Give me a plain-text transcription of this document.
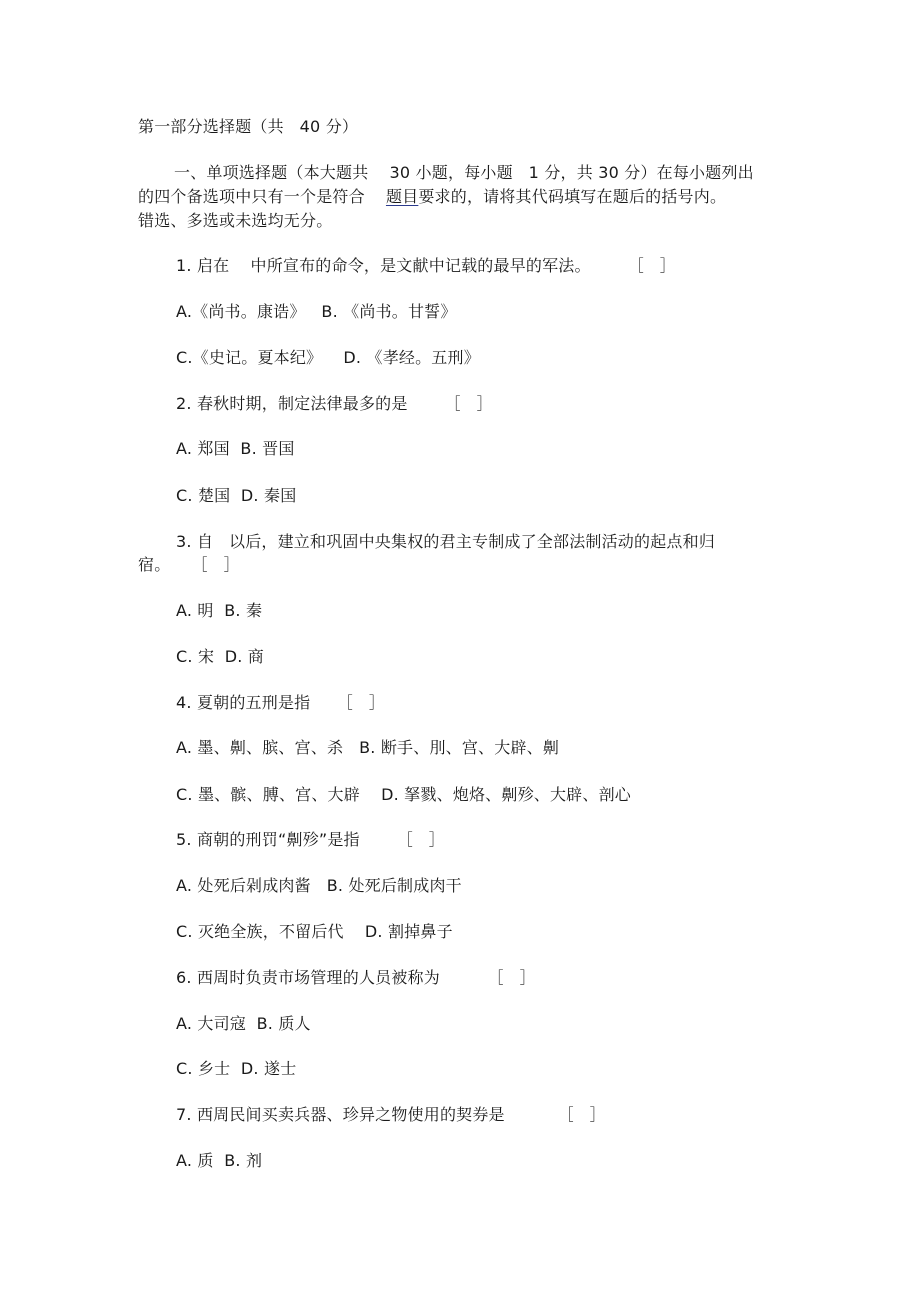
第一部分选择题（共   40 分）
一、单项选择题（本大题共    30 小题，每小题   1 分，共 30 分）在每小题列出
的四个备选项中只有一个是符合    题目要求的，请将其代码填写在题后的括号内。
错选、多选或未选均无分。
1. 启在    中所宣布的命令，是文献中记载的最早的军法。       ［   ］
A.《尚书。康诰》   B. 《尚书。甘誓》
C.《史记。夏本纪》    D. 《孝经。五刑》
2. 春秋时期，制定法律最多的是       ［   ］
A. 郑国  B. 晋国
C. 楚国  D. 秦国
3. 自   以后，建立和巩固中央集权的君主专制成了全部法制活动的起点和归
宿。    ［   ］
A. 明  B. 秦
C. 宋  D. 商
4. 夏朝的五刑是指     ［   ］
A. 墨、劓、膑、宫、杀   B. 断手、刖、宫、大辟、劓
C. 墨、髌、膊、宫、大辟    D. 拏戮、炮烙、劓殄、大辟、剖心
5. 商朝的刑罚“劓殄”是指       ［   ］
A. 处死后剁成肉酱   B. 处死后制成肉干
C. 灭绝全族，不留后代    D. 割掉鼻子
6. 西周时负责市场管理的人员被称为         ［   ］
A. 大司寇  B. 质人
C. 乡士  D. 遂士
7. 西周民间买卖兵器、珍异之物使用的契券是          ［   ］
A. 质  B. 剂
